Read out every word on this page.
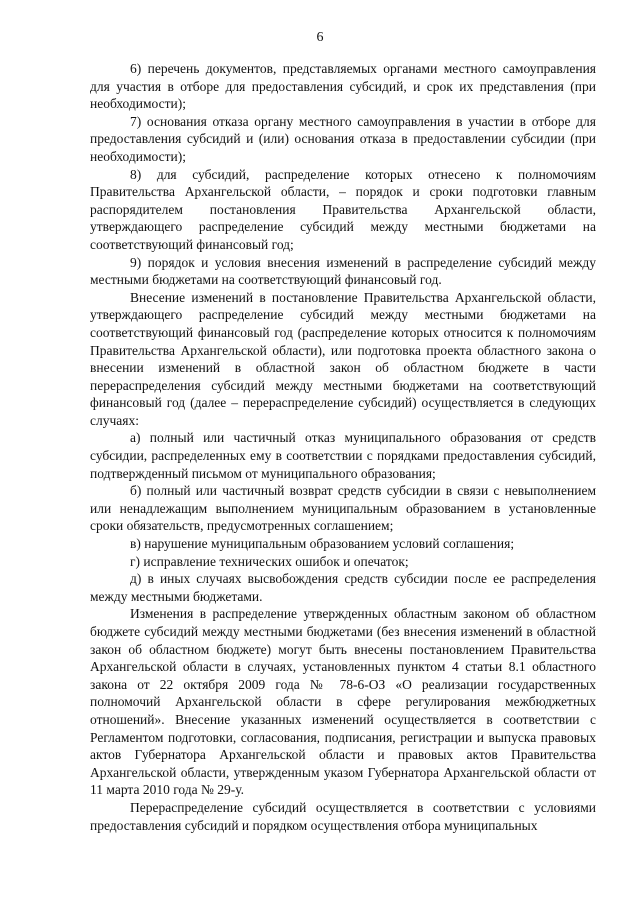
6

6) перечень документов, представляемых органами местного самоуправления для участия в отборе для предоставления субсидий, и срок их представления (при необходимости);

7) основания отказа органу местного самоуправления в участии в отборе для предоставления субсидий и (или) основания отказа в предоставлении субсидии (при необходимости);

8) для субсидий, распределение которых отнесено к полномочиям Правительства Архангельской области, – порядок и сроки подготовки главным распорядителем постановления Правительства Архангельской области, утверждающего распределение субсидий между местными бюджетами на соответствующий финансовый год;

9) порядок и условия внесения изменений в распределение субсидий между местными бюджетами на соответствующий финансовый год.

Внесение изменений в постановление Правительства Архангельской области, утверждающего распределение субсидий между местными бюджетами на соответствующий финансовый год (распределение которых относится к полномочиям Правительства Архангельской области), или подготовка проекта областного закона о внесении изменений в областной закон об областном бюджете в части перераспределения субсидий между местными бюджетами на соответствующий финансовый год (далее – перераспределение субсидий) осуществляется в следующих случаях:

а) полный или частичный отказ муниципального образования от средств субсидии, распределенных ему в соответствии с порядками предоставления субсидий, подтвержденный письмом от муниципального образования;

б) полный или частичный возврат средств субсидии в связи с невыполнением или ненадлежащим выполнением муниципальным образованием в установленные сроки обязательств, предусмотренных соглашением;

в) нарушение муниципальным образованием условий соглашения;

г) исправление технических ошибок и опечаток;

д) в иных случаях высвобождения средств субсидии после ее распределения между местными бюджетами.

Изменения в распределение утвержденных областным законом об областном бюджете субсидий между местными бюджетами (без внесения изменений в областной закон об областном бюджете) могут быть внесены постановлением Правительства Архангельской области в случаях, установленных пунктом 4 статьи 8.1 областного закона от 22 октября 2009 года № 78-6-ОЗ «О реализации государственных полномочий Архангельской области в сфере регулирования межбюджетных отношений». Внесение указанных изменений осуществляется в соответствии с Регламентом подготовки, согласования, подписания, регистрации и выпуска правовых актов Губернатора Архангельской области и правовых актов Правительства Архангельской области, утвержденным указом Губернатора Архангельской области от 11 марта 2010 года № 29-у.

Перераспределение субсидий осуществляется в соответствии с условиями предоставления субсидий и порядком осуществления отбора муниципальных
